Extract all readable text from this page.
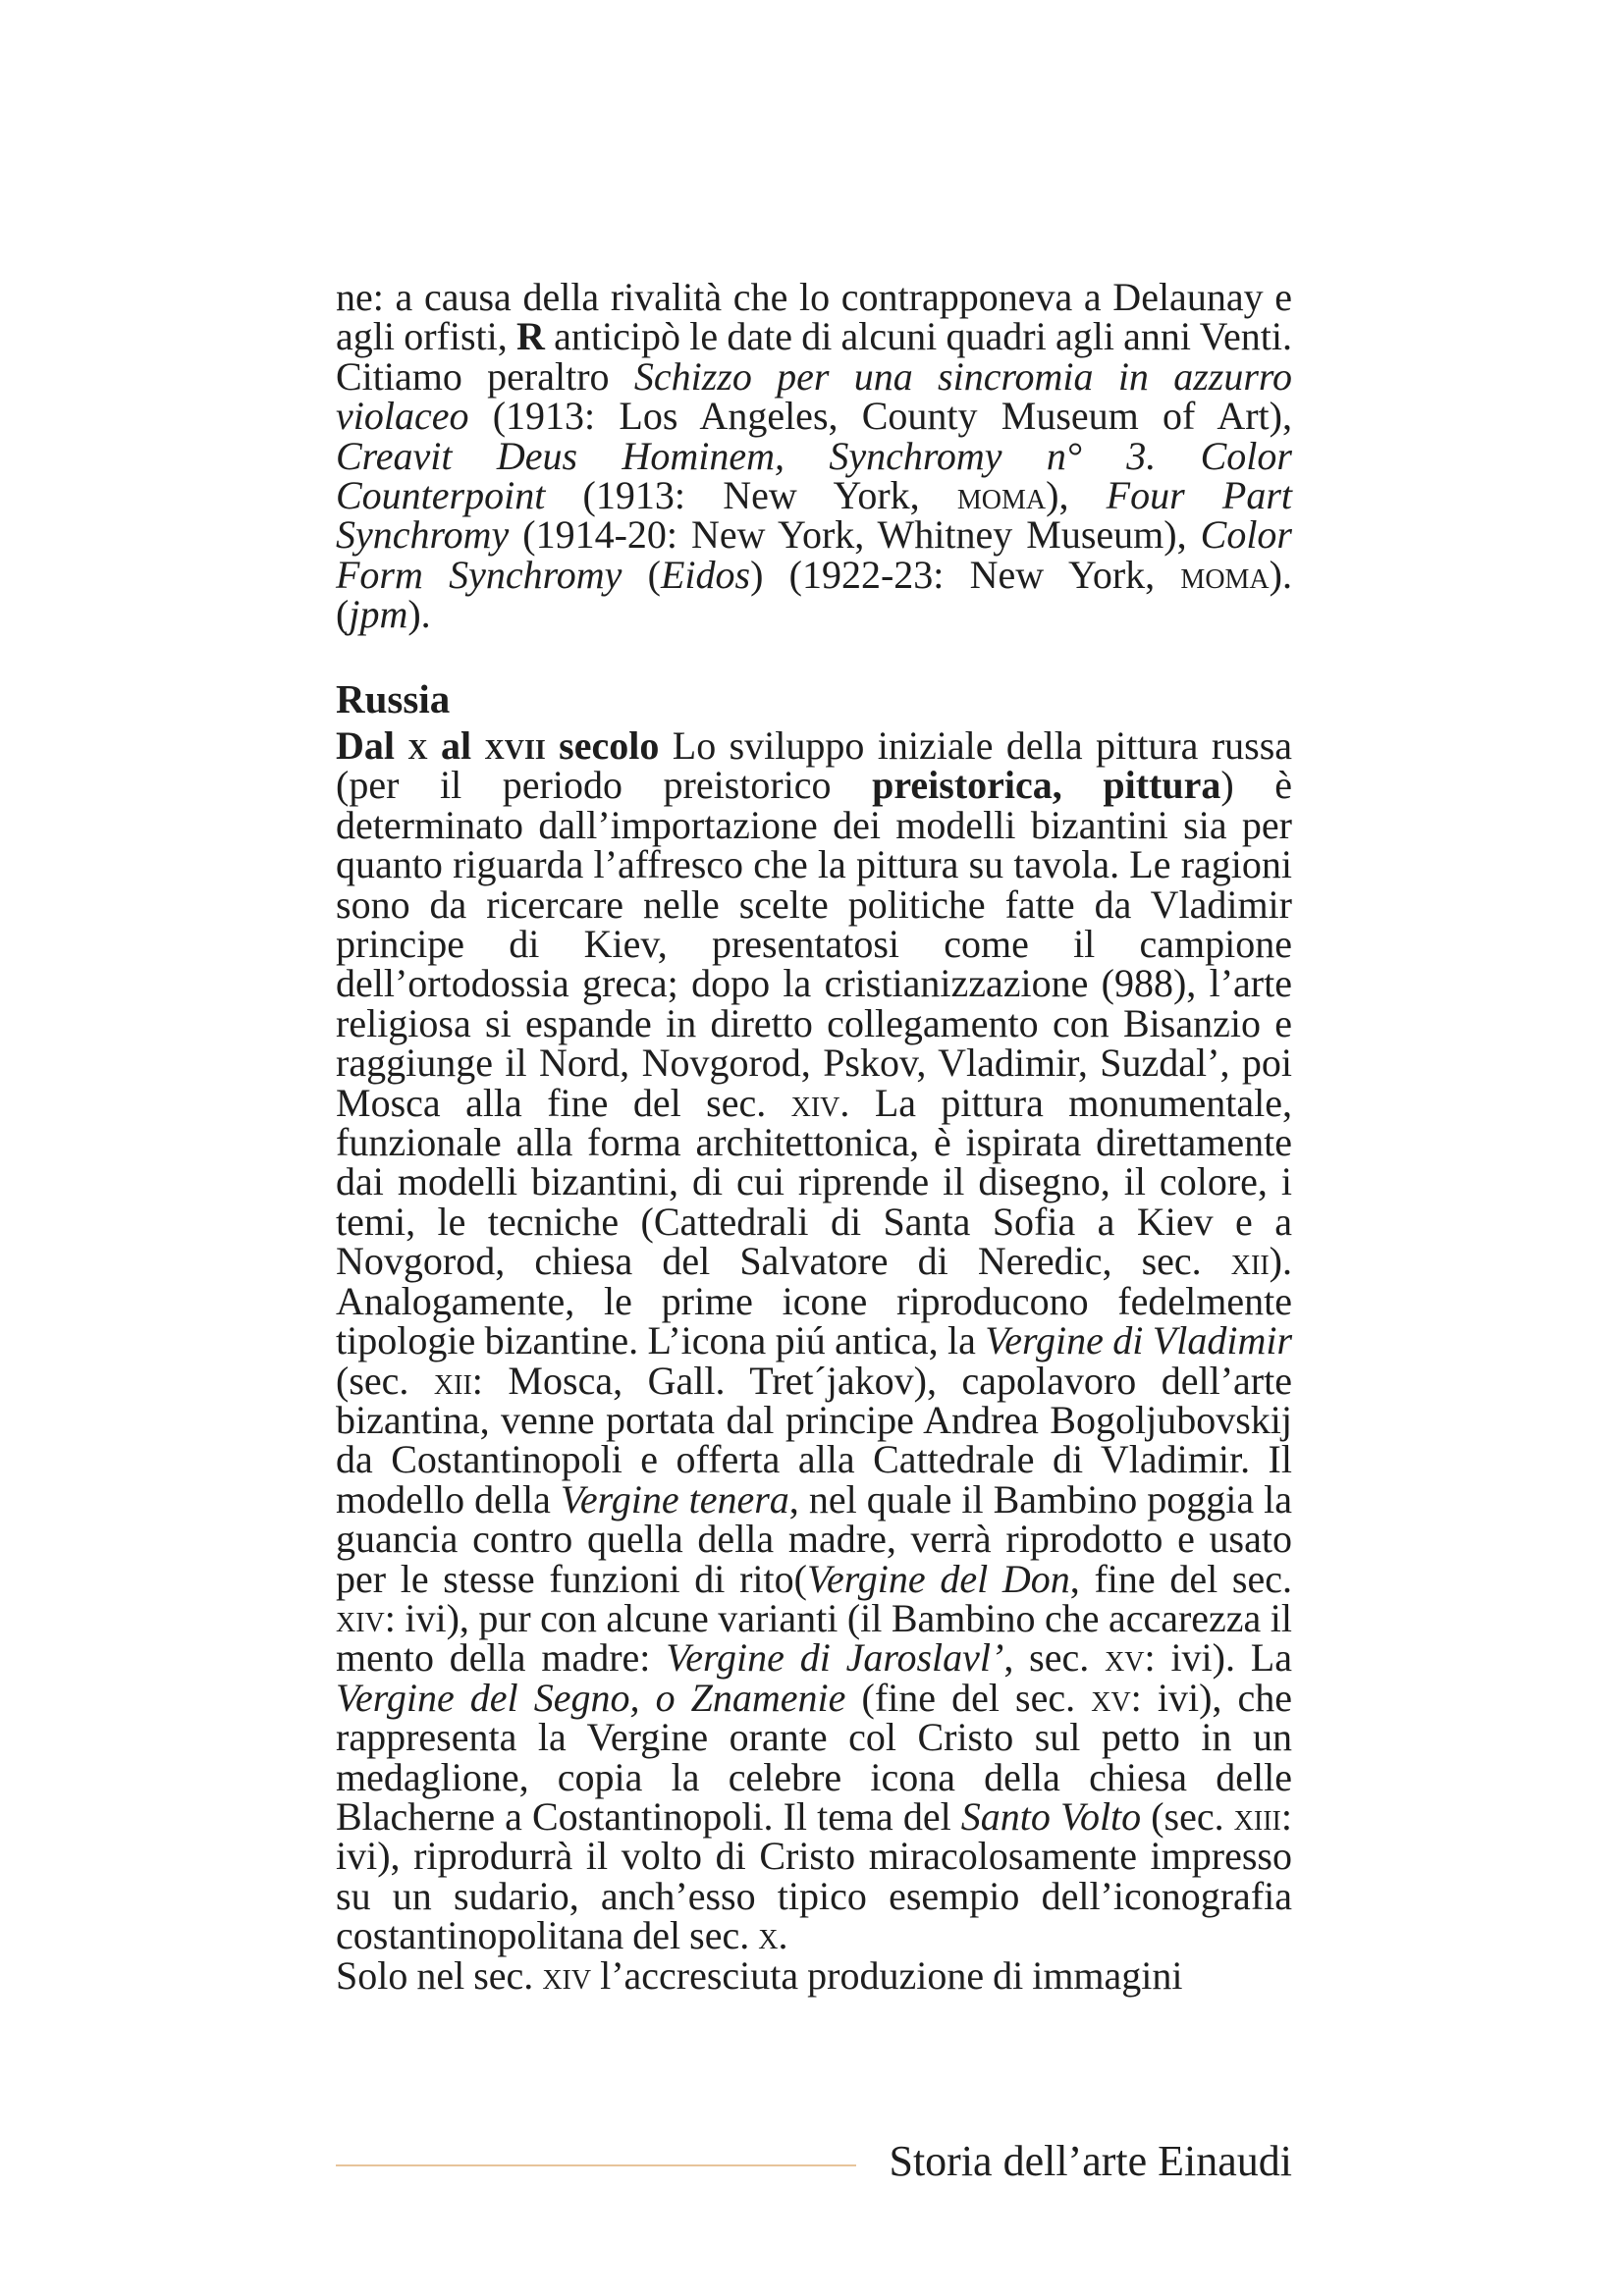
ne: a causa della rivalità che lo contrapponeva a Delaunay e agli orfisti, R anticipò le date di alcuni quadri agli anni Venti. Citiamo peraltro Schizzo per una sincromia in azzurro violaceo (1913: Los Angeles, County Museum of Art), Creavit Deus Hominem, Synchromy n° 3. Color Counterpoint (1913: New York, moma), Four Part Synchromy (1914-20: New York, Whitney Museum), Color Form Synchromy (Eidos) (1922-23: New York, moma). (jpm).

Russia

Dal x al xvii secolo Lo sviluppo iniziale della pittura russa (per il periodo preistorico preistorica, pittura) è determinato dall’importazione dei modelli bizantini sia per quanto riguarda l’affresco che la pittura su tavola. Le ragioni sono da ricercare nelle scelte politiche fatte da Vladimir principe di Kiev, presentatosi come il campione dell’ortodossia greca; dopo la cristianizzazione (988), l’arte religiosa si espande in diretto collegamento con Bisanzio e raggiunge il Nord, Novgorod, Pskov, Vladimir, Suzdal’, poi Mosca alla fine del sec. xiv. La pittura monumentale, funzionale alla forma architettonica, è ispirata direttamente dai modelli bizantini, di cui riprende il disegno, il colore, i temi, le tecniche (Cattedrali di Santa Sofia a Kiev e a Novgorod, chiesa del Salvatore di Neredic, sec. xii). Analogamente, le prime icone riproducono fedelmente tipologie bizantine. L’icona piú antica, la Vergine di Vladimir (sec. xii: Mosca, Gall. Tret´jakov), capolavoro dell’arte bizantina, venne portata dal principe Andrea Bogoljubovskij da Costantinopoli e offerta alla Cattedrale di Vladimir. Il modello della Vergine tenera, nel quale il Bambino poggia la guancia contro quella della madre, verrà riprodotto e usato per le stesse funzioni di rito(Vergine del Don, fine del sec. xiv: ivi), pur con alcune varianti (il Bambino che accarezza il mento della madre: Vergine di Jaroslavl’, sec. xv: ivi). La Vergine del Segno, o Znamenie (fine del sec. xv: ivi), che rappresenta la Vergine orante col Cristo sul petto in un medaglione, copia la celebre icona della chiesa delle Blacherne a Costantinopoli. Il tema del Santo Volto (sec. xiii: ivi), riprodurrà il volto di Cristo miracolosamente impresso su un sudario, anch’esso tipico esempio dell’iconografia costantinopolitana del sec. x.

Solo nel sec. xiv l’accresciuta produzione di immagini

Storia dell’arte Einaudi
